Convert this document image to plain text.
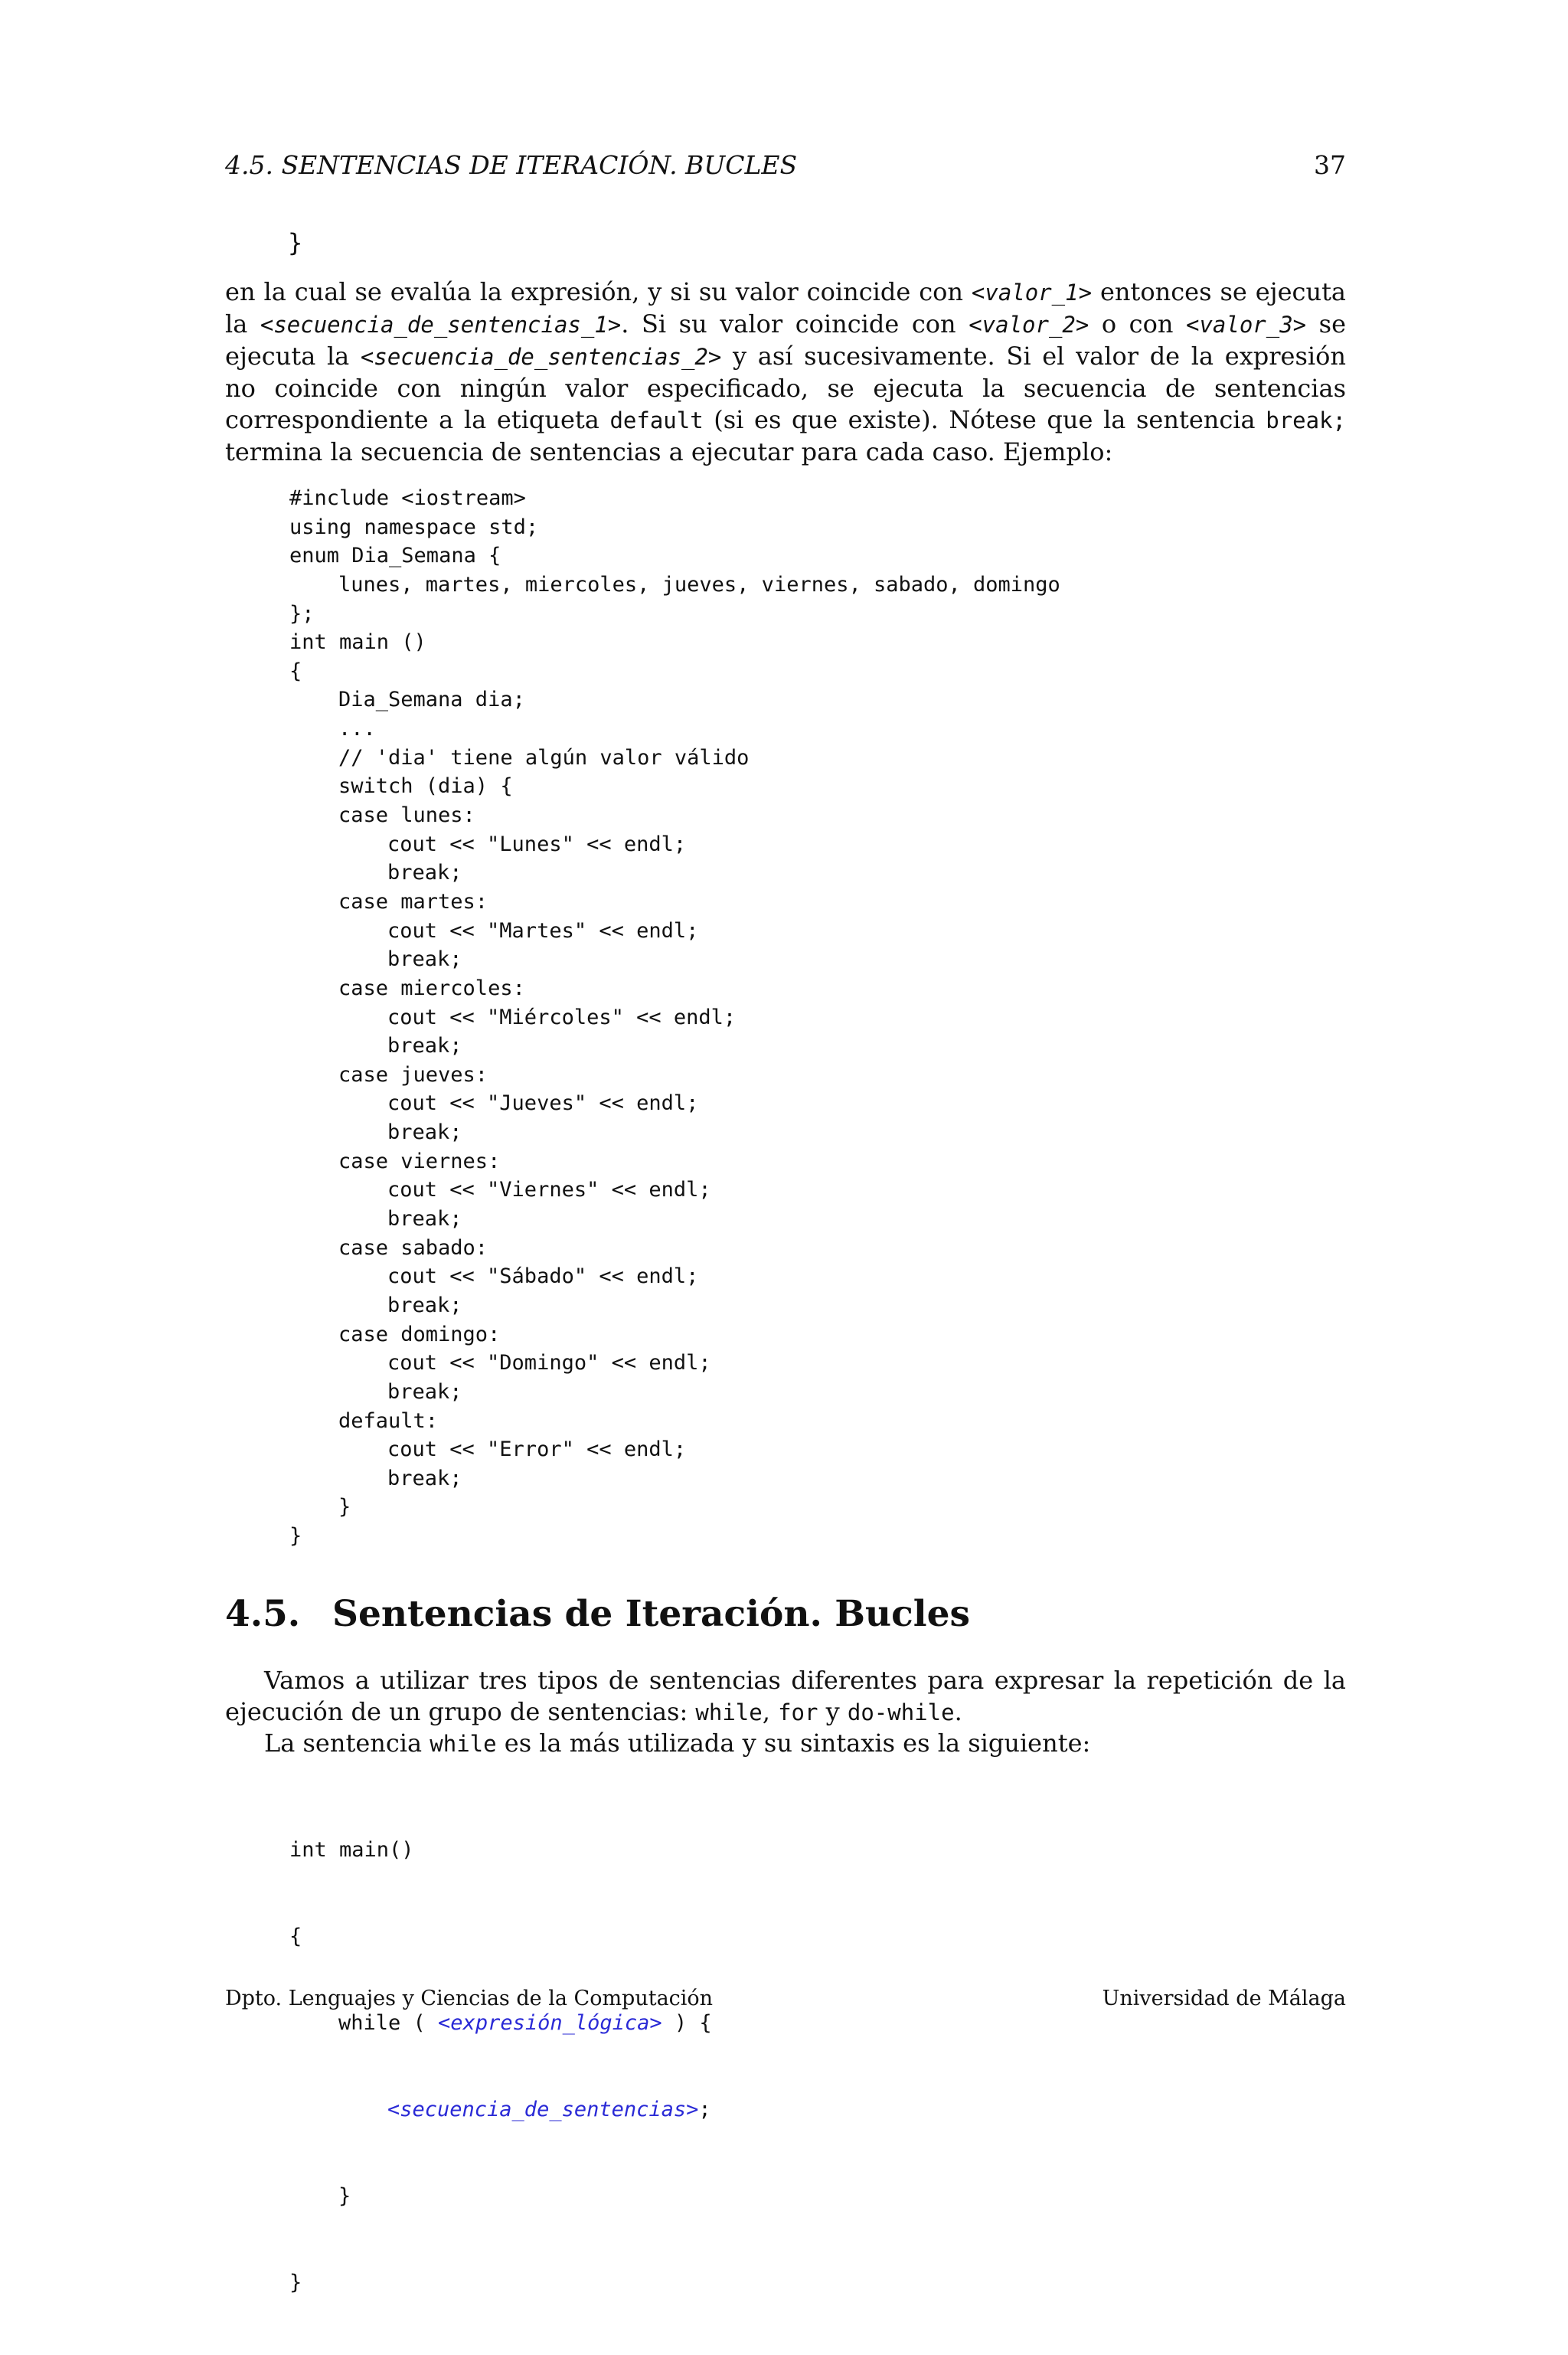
4.5. SENTENCIAS DE ITERACIÓN. BUCLES	37
}

en la cual se evalúa la expresión, y si su valor coincide con <valor_1> entonces se ejecuta la <secuencia_de_sentencias_1>. Si su valor coincide con <valor_2> o con <valor_3> se ejecuta la <secuencia_de_sentencias_2> y así sucesivamente. Si el valor de la expresión no coincide con ningún valor especificado, se ejecuta la secuencia de sentencias correspondiente a la etiqueta default (si es que existe). Nótese que la sentencia break; termina la secuencia de sentencias a ejecutar para cada caso. Ejemplo:

#include <iostream>
using namespace std;
enum Dia_Semana {
lunes, martes, miercoles, jueves, viernes, sabado, domingo
};
int main ()
{
Dia_Semana dia;
...
// 'dia' tiene algún valor válido
switch (dia) {
case lunes:
cout << "Lunes" << endl;
break;
case martes:
cout << "Martes" << endl;
break;
case miercoles:
cout << "Miércoles" << endl;
break;
case jueves:
cout << "Jueves" << endl;
break;
case viernes:
cout << "Viernes" << endl;
break;
case sabado:
cout << "Sábado" << endl;
break;
case domingo:
cout << "Domingo" << endl;
break;
default:
cout << "Error" << endl;
break;
}
}
4.5. Sentencias de Iteración. Bucles

Vamos a utilizar tres tipos de sentencias diferentes para expresar la repetición de la ejecución de un grupo de sentencias: while, for y do-while.

La sentencia while es la más utilizada y su sintaxis es la siguiente:

int main()

{

while ( <expresión_lógica> ) {

<secuencia_de_sentencias>;

}

}

Dpto. Lenguajes y Ciencias de la Computación	Universidad de Málaga
